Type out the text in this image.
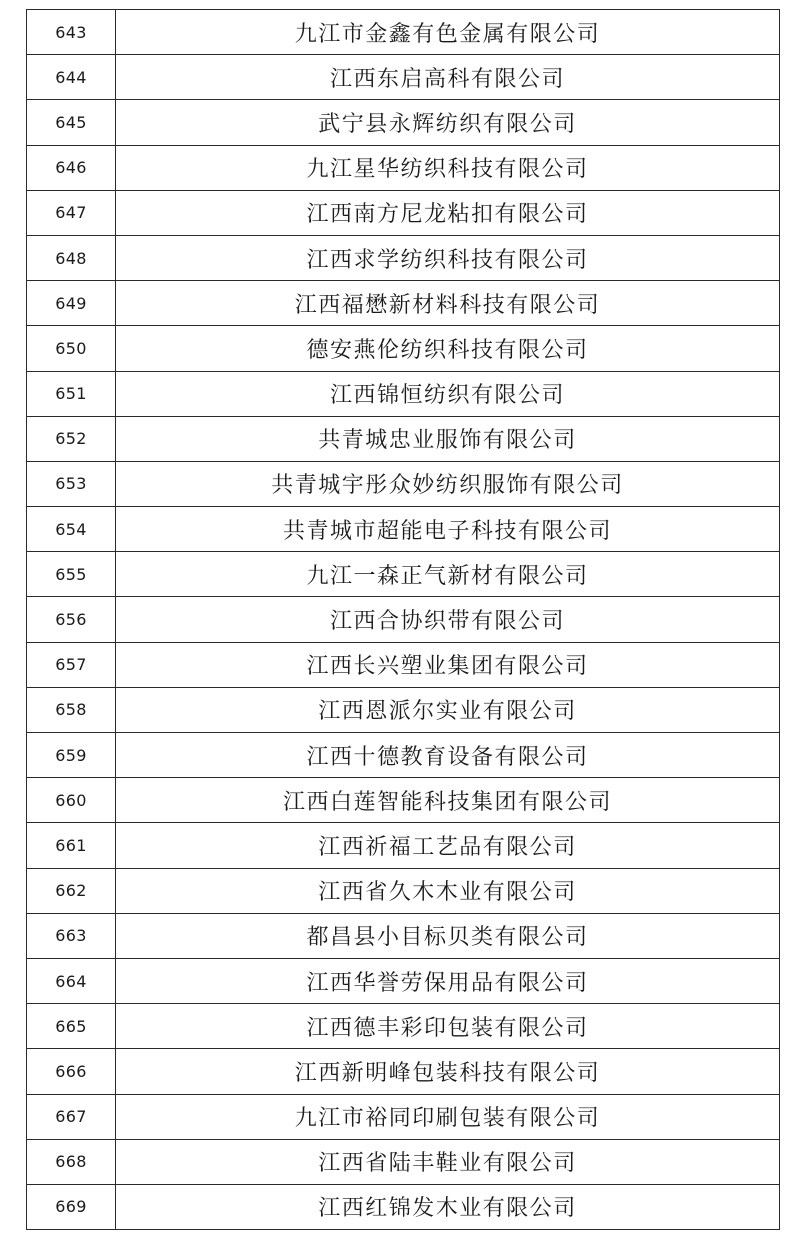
643	九江市金鑫有色金属有限公司
644	江西东启高科有限公司
645	武宁县永辉纺织有限公司
646	九江星华纺织科技有限公司
647	江西南方尼龙粘扣有限公司
648	江西求学纺织科技有限公司
649	江西福懋新材料科技有限公司
650	德安燕伦纺织科技有限公司
651	江西锦恒纺织有限公司
652	共青城忠业服饰有限公司
653	共青城宇彤众妙纺织服饰有限公司
654	共青城市超能电子科技有限公司
655	九江一森正气新材有限公司
656	江西合协织带有限公司
657	江西长兴塑业集团有限公司
658	江西恩派尔实业有限公司
659	江西十德教育设备有限公司
660	江西白莲智能科技集团有限公司
661	江西祈福工艺品有限公司
662	江西省久木木业有限公司
663	都昌县小目标贝类有限公司
664	江西华誉劳保用品有限公司
665	江西德丰彩印包装有限公司
666	江西新明峰包装科技有限公司
667	九江市裕同印刷包装有限公司
668	江西省陆丰鞋业有限公司
669	江西红锦发木业有限公司
